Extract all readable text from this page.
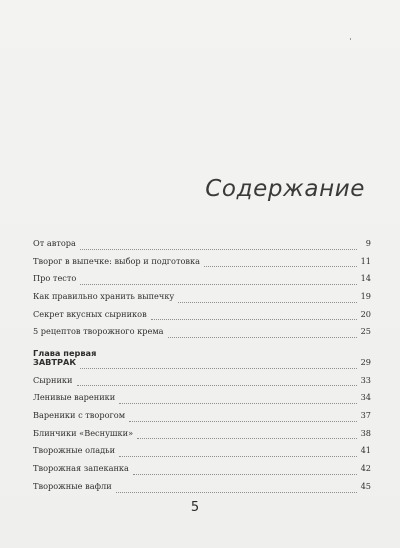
Содержание
От автора	9
Творог в выпечке: выбор и подготовка	11
Про тесто	14
Как правильно хранить выпечку	19
Секрет вкусных сырников	20
5 рецептов творожного крема	25
Глава первая
ЗАВТРАК	29
Сырники	33
Ленивые вареники	34
Вареники с творогом	37
Блинчики «Веснушки»	38
Творожные оладьи	41
Творожная запеканка	42
Творожные вафли	45
5
